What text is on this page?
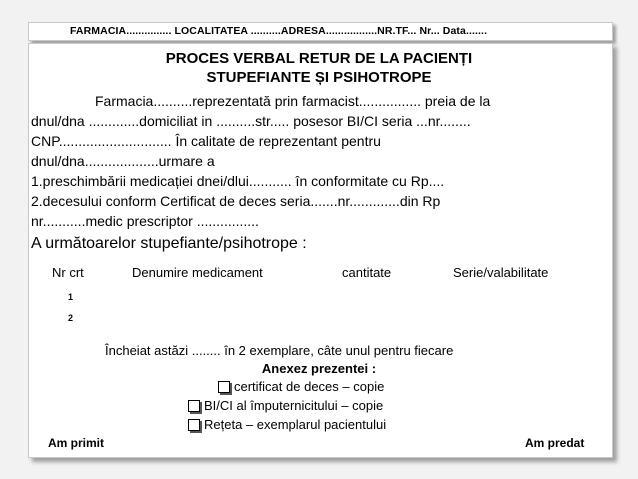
FARMACIA............... LOCALITATEA ..........ADRESA.................NR.TF... Nr... Data.......
PROCES VERBAL RETUR DE LA PACIENȚI
STUPEFIANTE ȘI PSIHOTROPE
Farmacia..........reprezentată prin farmacist................ preia de la
dnul/dna .............domiciliat in ..........str..... posesor BI/CI seria ...nr........
CNP............................. În calitate de reprezentant pentru
dnul/dna...................urmare a
1.preschimbării medicației dnei/dlui........... în conformitate cu Rp....
2.decesului conform Certificat de deces seria.......nr.............din Rp
nr...........medic prescriptor ................
A următoarelor stupefiante/psihotrope :
Nr crt	Denumire medicament	cantitate	Serie/valabilitate
1
2
Încheiat astăzi ........ în 2 exemplare, câte unul pentru fiecare
Anexez prezentei :
certificat de deces – copie
BI/CI al împuternicitului – copie
Rețeta – exemplarul pacientului
Am primit	Am predat
